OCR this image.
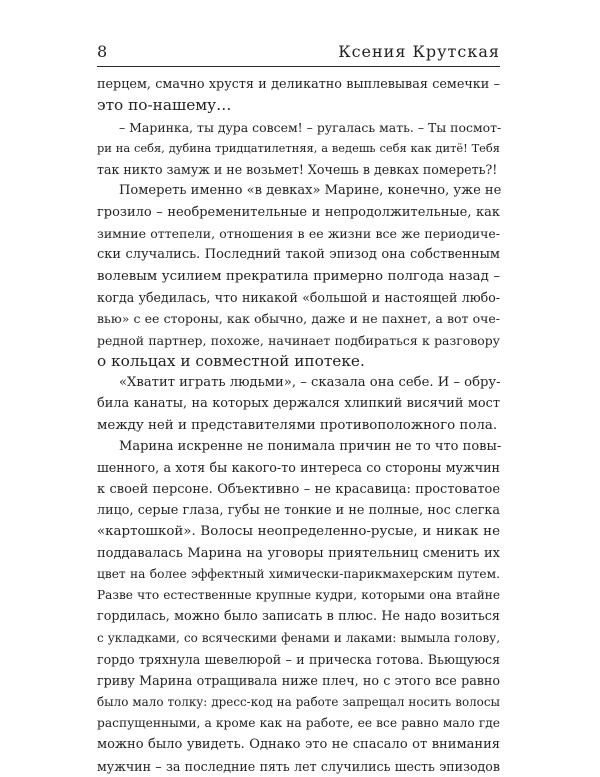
8	Ксения Крутская
перцем, смачно хрустя и деликатно выплевывая семечки –
это по-нашему…
– Маринка, ты дура совсем! – ругалась мать. – Ты посмот-
ри на себя, дубина тридцатилетняя, а ведешь себя как дитё! Тебя
так никто замуж и не возьмет! Хочешь в девках помереть?!
Помереть именно «в девках» Марине, конечно, уже не
грозило – необременительные и непродолжительные, как
зимние оттепели, отношения в ее жизни все же периодиче-
ски случались. Последний такой эпизод она собственным
волевым усилием прекратила примерно полгода назад –
когда убедилась, что никакой «большой и настоящей любо-
вью» с ее стороны, как обычно, даже и не пахнет, а вот оче-
редной партнер, похоже, начинает подбираться к разговору
о кольцах и совместной ипотеке.
«Хватит играть людьми», – сказала она себе. И – обру-
била канаты, на которых держался хлипкий висячий мост
между ней и представителями противоположного пола.
Марина искренне не понимала причин не то что повы-
шенного, а хотя бы какого-то интереса со стороны мужчин
к своей персоне. Объективно – не красавица: простоватое
лицо, серые глаза, губы не тонкие и не полные, нос слегка
«картошкой». Волосы неопределенно-русые, и никак не
поддавалась Марина на уговоры приятельниц сменить их
цвет на более эффектный химически-парикмахерским путем.
Разве что естественные крупные кудри, которыми она втайне
гордилась, можно было записать в плюс. Не надо возиться
с укладками, со всяческими фенами и лаками: вымыла голову,
гордо тряхнула шевелюрой – и прическа готова. Вьющуюся
гриву Марина отращивала ниже плеч, но с этого все равно
было мало толку: дресс-код на работе запрещал носить волосы
распущенными, а кроме как на работе, ее все равно мало где
можно было увидеть. Однако это не спасало от внимания
мужчин – за последние пять лет случились шесть эпизодов
